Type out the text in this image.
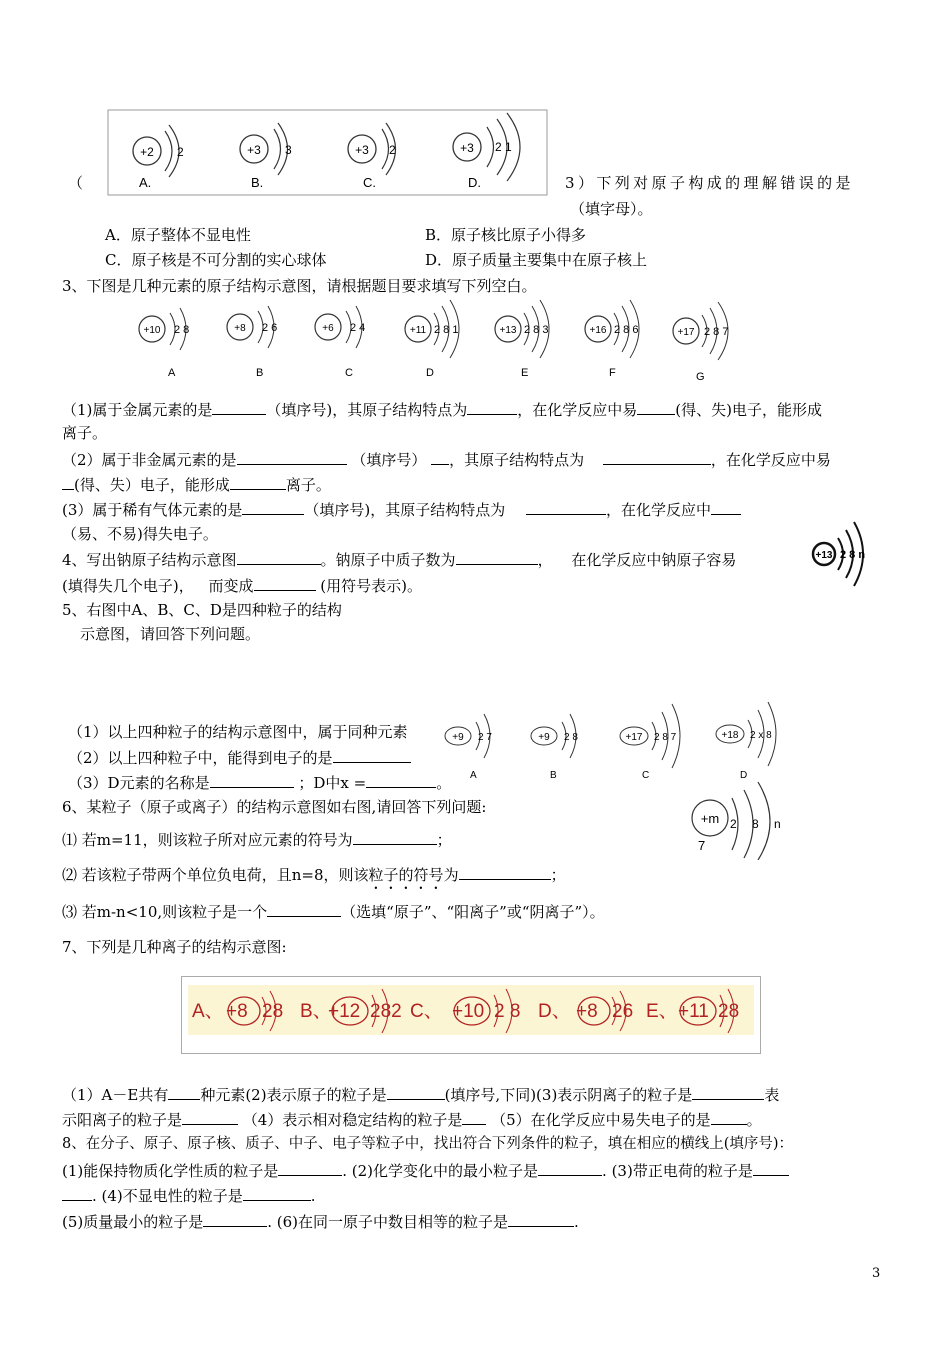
（
+2 2
A.
+3 3
B.
+3 2
C.
+3 2 1
D.	3）下列对原子构成的理解错误的是
（填字母）。
A．原子整体不显电性	B．原子核比原子小得多
C．原子核是不可分割的实心球体	D．原子质量主要集中在原子核上
3、下图是几种元素的原子结构示意图，请根据题目要求填写下列空白。
+10 2 8
A
+8 2 6
B
+6 2 4
C
+11 2 8 1
D
+13 2 8 3
E
+16 2 8 6
F
+17 2 8 7
G
（1)属于金属元素的是	（填序号)，其原子结构特点为	，在化学反应中易	(得、失)电子，能形成
离子。
（2）属于非金属元素的是	（填序号） ，其原子结构特点为	，在化学反应中易
(得、失）电子，能形成	离子。
(3）属于稀有气体元素的是	（填序号)，其原子结构特点为	，在化学反应中
（易、不易)得失电子。
4、写出钠原子结构示意图	。钠原子中质子数为	， 在化学反应中钠原子容易
(填得失几个电子)， 而变成	(用符号表示)。
+13 2 8 n
5、右图中A、B、C、D是四种粒子的结构
示意图，请回答下列问题。
（1）以上四种粒子的结构示意图中，属于同种元素
（2）以上四种粒子中，能得到电子的是
（3）D元素的名称是	；D中x =	。
+9 2 7
A
+9 2 8
B
+17 2 8 7
C
+18 2 x 8
D
6、某粒子（原子或离子）的结构示意图如右图,请回答下列问题:
⑴ 若m=11，则该粒子所对应元素的符号为	；
⑵ 若该粒子带两个单位负电荷，且n=8，则该粒子的符号为	；
⑶ 若m-n<10,则该粒子是一个	（选填“原子”、“阳离子”或“阴离子”）。
+m
7
2 8 n
7、下列是几种离子的结构示意图:
A、 +8 28 B、
+12 282 C、 +10 2 8 D、 +8 26 E、 +11 28
（1）A－E共有 种元素(2)表示原子的粒子是	(填序号,下同)(3)表示阴离子的粒子是	表
示阳离子的粒子是	（4）表示相对稳定结构的粒子是 （5）在化学反应中易失电子的是 。
8、在分子、原子、原子核、质子、中子、电子等粒子中，找出符合下列条件的粒子，填在相应的横线上(填序号)：
(1)能保持物质化学性质的粒子是	. (2)化学变化中的最小粒子是	. (3)带正电荷的粒子是
. (4)不显电性的粒子是	.
(5)质量最小的粒子是	. (6)在同一原子中数目相等的粒子是	.
3
